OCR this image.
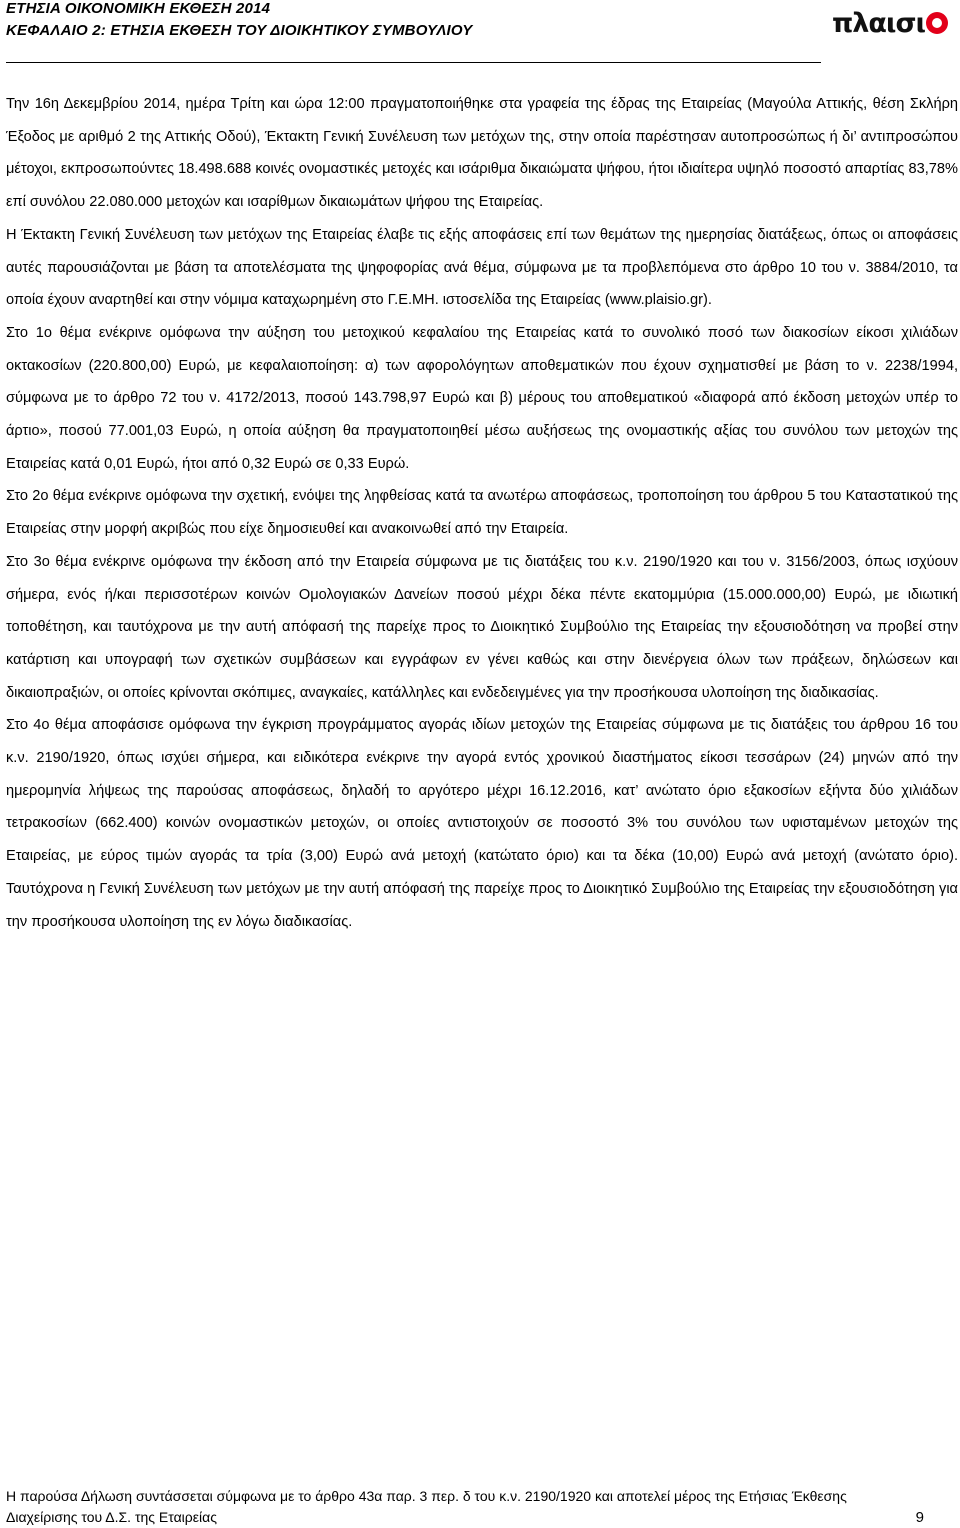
ΕΤΗΣΙΑ ΟΙΚΟΝΟΜΙΚΗ ΕΚΘΕΣΗ 2014
ΚΕΦΑΛΑΙΟ 2: ΕΤΗΣΙΑ ΕΚΘΕΣΗ ΤΟΥ ΔΙΟΙΚΗΤΙΚΟΥ ΣΥΜΒΟΥΛΙΟΥ	πλαισι

Την 16η Δεκεμβρίου 2014, ημέρα Τρίτη και ώρα 12:00 πραγματοποιήθηκε στα γραφεία της έδρας της Εταιρείας (Μαγούλα Αττικής, θέση Σκλήρη Έξοδος με αριθμό 2 της Αττικής Οδού), Έκτακτη Γενική Συνέλευση των μετόχων της, στην οποία παρέστησαν αυτοπροσώπως ή δι’ αντιπροσώπου μέτοχοι, εκπροσωπούντες 18.498.688 κοινές ονομαστικές μετοχές και ισάριθμα δικαιώματα ψήφου, ήτοι ιδιαίτερα υψηλό ποσοστό απαρτίας 83,78% επί συνόλου 22.080.000 μετοχών και ισαρίθμων δικαιωμάτων ψήφου της Εταιρείας.

Η Έκτακτη Γενική Συνέλευση των μετόχων της Εταιρείας έλαβε τις εξής αποφάσεις επί των θεμάτων της ημερησίας διατάξεως, όπως οι αποφάσεις αυτές παρουσιάζονται με βάση τα αποτελέσματα της ψηφοφορίας ανά θέμα, σύμφωνα με τα προβλεπόμενα στο άρθρο 10 του ν. 3884/2010, τα οποία έχουν αναρτηθεί και στην νόμιμα καταχωρημένη στο Γ.Ε.ΜΗ. ιστοσελίδα της Εταιρείας (www.plaisio.gr).

Στο 1ο θέμα ενέκρινε ομόφωνα την αύξηση του μετοχικού κεφαλαίου της Εταιρείας κατά το συνολικό ποσό των διακοσίων είκοσι χιλιάδων οκτακοσίων (220.800,00) Ευρώ, με κεφαλαιοποίηση: α) των αφορολόγητων αποθεματικών που έχουν σχηματισθεί με βάση το ν. 2238/1994, σύμφωνα με το άρθρο 72 του ν. 4172/2013, ποσού 143.798,97 Ευρώ και β) μέρους του αποθεματικού «διαφορά από έκδοση μετοχών υπέρ το άρτιο», ποσού 77.001,03 Ευρώ, η οποία αύξηση θα πραγματοποιηθεί μέσω αυξήσεως της ονομαστικής αξίας του συνόλου των μετοχών της Εταιρείας κατά 0,01 Ευρώ, ήτοι από 0,32 Ευρώ σε 0,33 Ευρώ.

Στο 2ο θέμα ενέκρινε ομόφωνα την σχετική, ενόψει της ληφθείσας κατά τα ανωτέρω αποφάσεως, τροποποίηση του άρθρου 5 του Καταστατικού της Εταιρείας στην μορφή ακριβώς που είχε δημοσιευθεί και ανακοινωθεί από την Εταιρεία.

Στο 3ο θέμα ενέκρινε ομόφωνα την έκδοση από την Εταιρεία σύμφωνα με τις διατάξεις του κ.ν. 2190/1920 και του ν. 3156/2003, όπως ισχύουν σήμερα, ενός ή/και περισσοτέρων κοινών Ομολογιακών Δανείων ποσού μέχρι δέκα πέντε εκατομμύρια (15.000.000,00) Ευρώ, με ιδιωτική τοποθέτηση, και ταυτόχρονα με την αυτή απόφασή της παρείχε προς το Διοικητικό Συμβούλιο της Εταιρείας την εξουσιοδότηση να προβεί στην κατάρτιση και υπογραφή των σχετικών συμβάσεων και εγγράφων εν γένει καθώς και στην διενέργεια όλων των πράξεων, δηλώσεων και δικαιοπραξιών, οι οποίες κρίνονται σκόπιμες, αναγκαίες, κατάλληλες και ενδεδειγμένες για την προσήκουσα υλοποίηση της διαδικασίας.

Στο 4ο θέμα αποφάσισε ομόφωνα την έγκριση προγράμματος αγοράς ιδίων μετοχών της Εταιρείας σύμφωνα με τις διατάξεις του άρθρου 16 του κ.ν. 2190/1920, όπως ισχύει σήμερα, και ειδικότερα ενέκρινε την αγορά εντός χρονικού διαστήματος είκοσι τεσσάρων (24) μηνών από την ημερομηνία λήψεως της παρούσας αποφάσεως, δηλαδή το αργότερο μέχρι 16.12.2016, κατ’ ανώτατο όριο εξακοσίων εξήντα δύο χιλιάδων τετρακοσίων (662.400) κοινών ονομαστικών μετοχών, οι οποίες αντιστοιχούν σε ποσοστό 3% του συνόλου των υφισταμένων μετοχών της Εταιρείας, με εύρος τιμών αγοράς τα τρία (3,00) Ευρώ ανά μετοχή (κατώτατο όριο) και τα δέκα (10,00) Ευρώ ανά μετοχή (ανώτατο όριο). Ταυτόχρονα η Γενική Συνέλευση των μετόχων με την αυτή απόφασή της παρείχε προς το Διοικητικό Συμβούλιο της Εταιρείας την εξουσιοδότηση για την προσήκουσα υλοποίηση της εν λόγω διαδικασίας.

Η παρούσα Δήλωση συντάσσεται σύμφωνα με το άρθρο 43α παρ. 3 περ. δ του κ.ν. 2190/1920 και αποτελεί μέρος της Ετήσιας Έκθεσης
Διαχείρισης του Δ.Σ. της Εταιρείας	9
